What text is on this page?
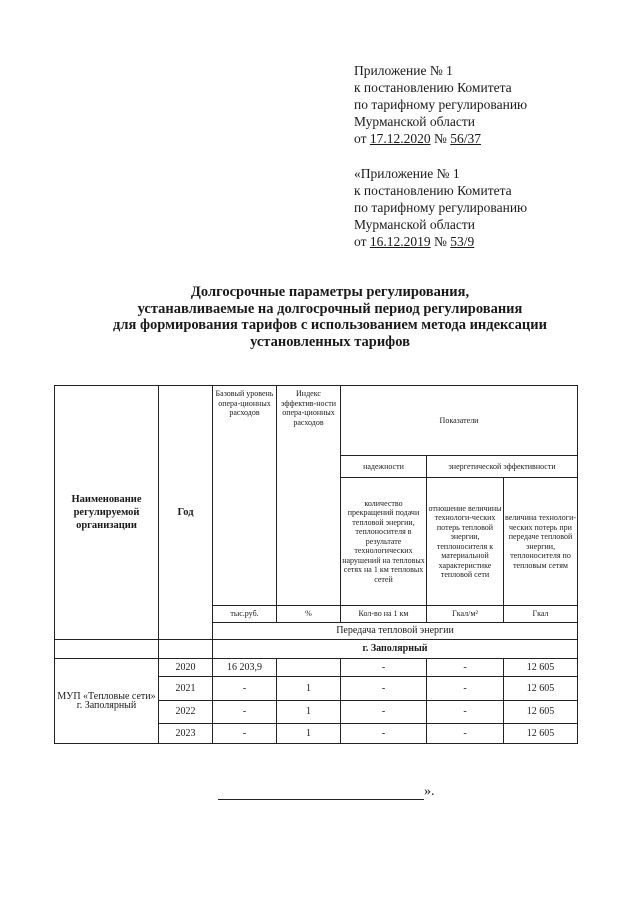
Приложение № 1
к постановлению Комитета
по тарифному регулированию
Мурманской области
от 17.12.2020 № 56/37
«Приложение № 1
к постановлению Комитета
по тарифному регулированию
Мурманской области
от 16.12.2019 № 53/9
Долгосрочные параметры регулирования,
устанавливаемые на долгосрочный период регулирования
для формирования тарифов с использованием метода индексации
установленных тарифов
Наименование регулируемой организации	Год	Базовый уровень опера-ционных расходов	Индекс эффектив-ности опера-ционных расходов	Показатели		
				надежности	энергетической эффективности	
				количество прекращений подачи тепловой энергии, теплоносителя в результате технологических нарушений на тепловых сетях на 1 км тепловых сетей	отношение величины технологи-ческих потерь тепловой энергии, теплоносителя к материальной характеристике тепловой сети	величина технологи-ческих потерь при передаче тепловой энергии, теплоносителя по тепловым сетям
		тыс.руб.	%	Кол-во на 1 км	Гкал/м²	Гкал
		Передача тепловой энергии				
		г. Заполярный				
МУП «Тепловые сети» г. Заполярный	2020	16 203,9		-	-	12 605
	2021	-	1	-	-	12 605
	2022	-	1	-	-	12 605
	2023	-	1	-	-	12 605
».
